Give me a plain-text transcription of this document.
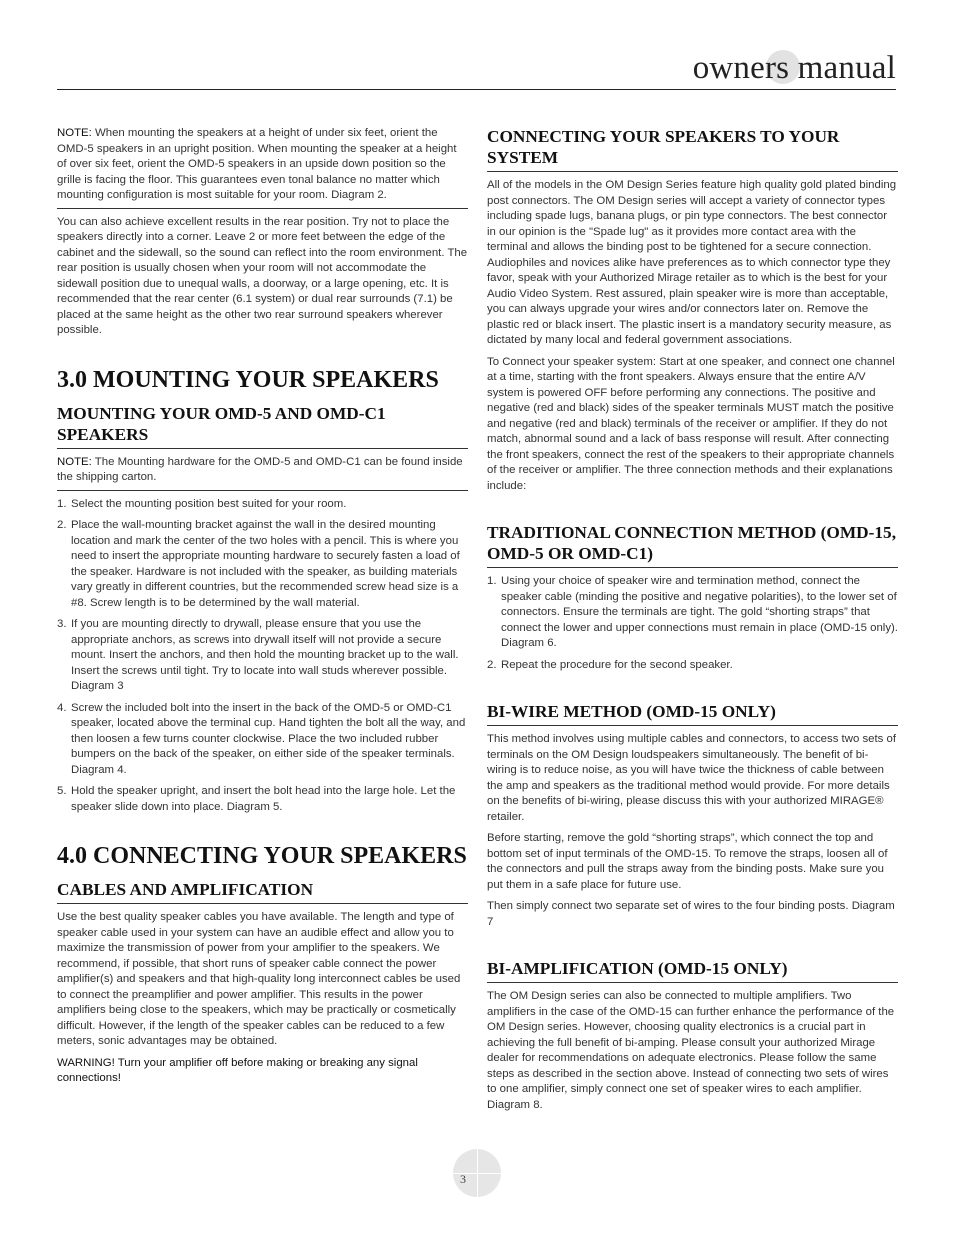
owners manual

NOTE: When mounting the speakers at a height of under six feet, orient the OMD-5 speakers in an upright position. When mounting the speaker at a height of over six feet, orient the OMD-5 speakers in an upside down position so the grille is facing the floor. This guarantees even tonal balance no matter which mounting configuration is most suitable for your room. Diagram 2.

You can also achieve excellent results in the rear position. Try not to place the speakers directly into a corner. Leave 2 or more feet between the edge of the cabinet and the sidewall, so the sound can reflect into the room environment. The rear position is usually chosen when your room will not accommodate the sidewall position due to unequal walls, a doorway, or a large opening, etc. It is recommended that the rear center (6.1 system) or dual rear surrounds (7.1) be placed at the same height as the other two rear surround speakers wherever possible.

3.0 MOUNTING YOUR SPEAKERS
MOUNTING YOUR OMD-5 AND OMD-C1 SPEAKERS

NOTE: The Mounting hardware for the OMD-5 and OMD-C1 can be found inside the shipping carton.

1. Select the mounting position best suited for your room.
2. Place the wall-mounting bracket against the wall in the desired mounting location and mark the center of the two holes with a pencil. This is where you need to insert the appropriate mounting hardware to securely fasten a load of the speaker. Hardware is not included with the speaker, as building materials vary greatly in different countries, but the recommended screw head size is a #8. Screw length is to be determined by the wall material.
3. If you are mounting directly to drywall, please ensure that you use the appropriate anchors, as screws into drywall itself will not provide a secure mount. Insert the anchors, and then hold the mounting bracket up to the wall. Insert the screws until tight. Try to locate into wall studs wherever possible. Diagram 3
4. Screw the included bolt into the insert in the back of the OMD-5 or OMD-C1 speaker, located above the terminal cup. Hand tighten the bolt all the way, and then loosen a few turns counter clockwise. Place the two included rubber bumpers on the back of the speaker, on either side of the speaker terminals. Diagram 4.
5. Hold the speaker upright, and insert the bolt head into the large hole. Let the speaker slide down into place. Diagram 5.
4.0 CONNECTING YOUR SPEAKERS
CABLES AND AMPLIFICATION

Use the best quality speaker cables you have available. The length and type of speaker cable used in your system can have an audible effect and allow you to maximize the transmission of power from your amplifier to the speakers. We recommend, if possible, that short runs of speaker cable connect the power amplifier(s) and speakers and that high-quality long interconnect cables be used to connect the preamplifier and power amplifier. This results in the power amplifiers being close to the speakers, which may be practically or cosmetically difficult. However, if the length of the speaker cables can be reduced to a few meters, sonic advantages may be obtained.

WARNING! Turn your amplifier off before making or breaking any signal connections!

CONNECTING YOUR SPEAKERS TO YOUR SYSTEM

All of the models in the OM Design Series feature high quality gold plated binding post connectors. The OM Design series will accept a variety of connector types including spade lugs, banana plugs, or pin type connectors. The best connector in our opinion is the "Spade lug" as it provides more contact area with the terminal and allows the binding post to be tightened for a secure connection. Audiophiles and novices alike have preferences as to which connector type they favor, speak with your Authorized Mirage retailer as to which is the best for your Audio Video System. Rest assured, plain speaker wire is more than acceptable, you can always upgrade your wires and/or connectors later on. Remove the plastic red or black insert. The plastic insert is a mandatory security measure, as dictated by many local and federal government associations.

To Connect your speaker system: Start at one speaker, and connect one channel at a time, starting with the front speakers. Always ensure that the entire A/V system is powered OFF before performing any connections. The positive and negative (red and black) sides of the speaker terminals MUST match the positive and negative (red and black) terminals of the receiver or amplifier. If they do not match, abnormal sound and a lack of bass response will result. After connecting the front speakers, connect the rest of the speakers to their appropriate channels of the receiver or amplifier. The three connection methods and their explanations include:

TRADITIONAL CONNECTION METHOD (OMD-15, OMD-5 OR OMD-C1)
1. Using your choice of speaker wire and termination method, connect the speaker cable (minding the positive and negative polarities), to the lower set of connectors. Ensure the terminals are tight. The gold “shorting straps” that connect the lower and upper connections must remain in place (OMD-15 only). Diagram 6.
2. Repeat the procedure for the second speaker.
BI-WIRE METHOD (OMD-15 ONLY)

This method involves using multiple cables and connectors, to access two sets of terminals on the OM Design loudspeakers simultaneously. The benefit of bi-wiring is to reduce noise, as you will have twice the thickness of cable between the amp and speakers as the traditional method would provide. For more details on the benefits of bi-wiring, please discuss this with your authorized MIRAGE® retailer.

Before starting, remove the gold “shorting straps”, which connect the top and bottom set of input terminals of the OMD-15. To remove the straps, loosen all of the connectors and pull the straps away from the binding posts. Make sure you put them in a safe place for future use.

Then simply connect two separate set of wires to the four binding posts. Diagram 7

BI-AMPLIFICATION (OMD-15 ONLY)

The OM Design series can also be connected to multiple amplifiers. Two amplifiers in the case of the OMD-15 can further enhance the performance of the OM Design series. However, choosing quality electronics is a crucial part in achieving the full benefit of bi-amping. Please consult your authorized Mirage dealer for recommendations on adequate electronics. Please follow the same steps as described in the section above. Instead of connecting two sets of wires to one amplifier, simply connect one set of speaker wires to each amplifier. Diagram 8.

3
